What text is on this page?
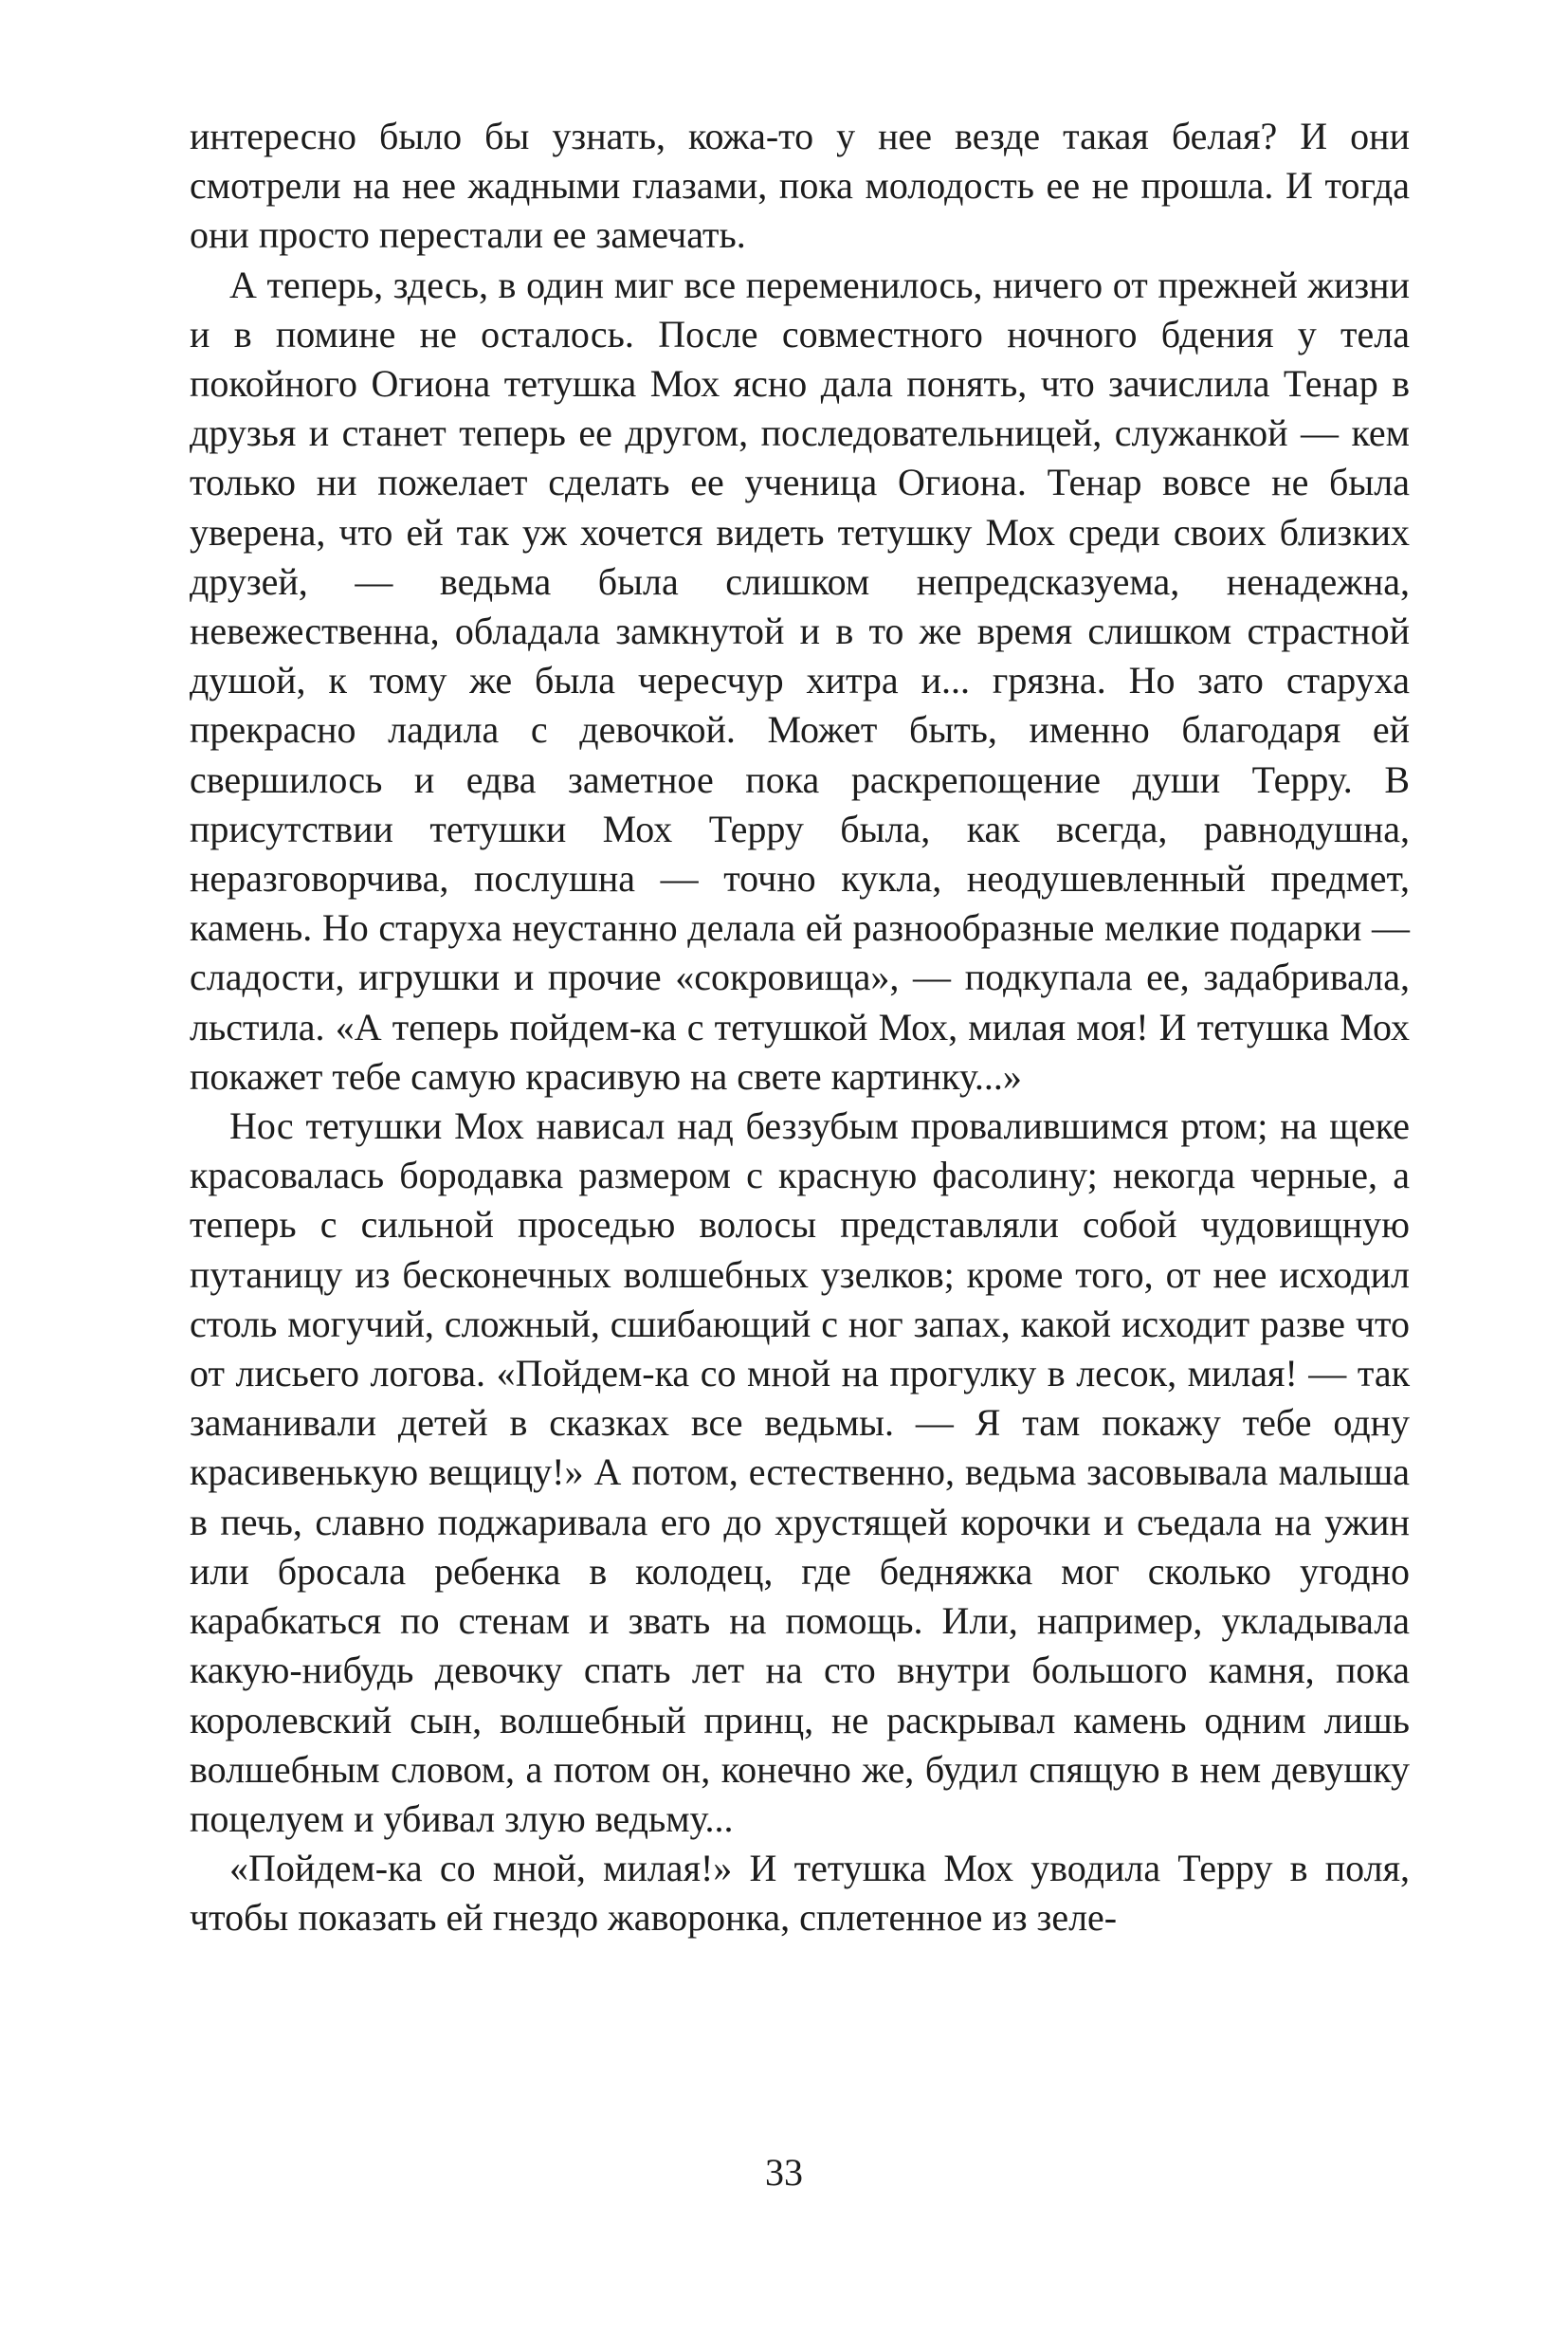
интересно было бы узнать, кожа-то у нее везде такая белая? И они смотрели на нее жадными глазами, пока молодость ее не прошла. И тогда они просто перестали ее замечать.

А теперь, здесь, в один миг все переменилось, ничего от прежней жизни и в помине не осталось. После совместного ночного бдения у тела покойного Огиона тетушка Мох ясно дала понять, что зачислила Тенар в друзья и станет теперь ее другом, последовательницей, служанкой — кем только ни пожелает сделать ее ученица Огиона. Тенар вовсе не была уверена, что ей так уж хочется видеть тетушку Мох среди своих близких друзей, — ведьма была слишком непредсказуема, ненадежна, невежественна, обладала замкнутой и в то же время слишком страстной душой, к тому же была чересчур хитра и... грязна. Но зато старуха прекрасно ладила с девочкой. Может быть, именно благодаря ей свершилось и едва заметное пока раскрепощение души Терру. В присутствии тетушки Мох Терру была, как всегда, равнодушна, неразговорчива, послушна — точно кукла, неодушевленный предмет, камень. Но старуха неустанно делала ей разнообразные мелкие подарки — сладости, игрушки и прочие «сокровища», — подкупала ее, задабривала, льстила. «А теперь пойдем-ка с тетушкой Мох, милая моя! И тетушка Мох покажет тебе самую красивую на свете картинку...»

Нос тетушки Мох нависал над беззубым провалившимся ртом; на щеке красовалась бородавка размером с красную фасолину; некогда черные, а теперь с сильной проседью волосы представляли собой чудовищную путаницу из бесконечных волшебных узелков; кроме того, от нее исходил столь могучий, сложный, сшибающий с ног запах, какой исходит разве что от лисьего логова. «Пойдем-ка со мной на прогулку в лесок, милая! — так заманивали детей в сказках все ведьмы. — Я там покажу тебе одну красивенькую вещицу!» А потом, естественно, ведьма засовывала малыша в печь, славно поджаривала его до хрустящей корочки и съедала на ужин или бросала ребенка в колодец, где бедняжка мог сколько угодно карабкаться по стенам и звать на помощь. Или, например, укладывала какую-нибудь девочку спать лет на сто внутри большого камня, пока королевский сын, волшебный принц, не раскрывал камень одним лишь волшебным словом, а потом он, конечно же, будил спящую в нем девушку поцелуем и убивал злую ведьму...

«Пойдем-ка со мной, милая!» И тетушка Мох уводила Терру в поля, чтобы показать ей гнездо жаворонка, сплетенное из зеле-

33
